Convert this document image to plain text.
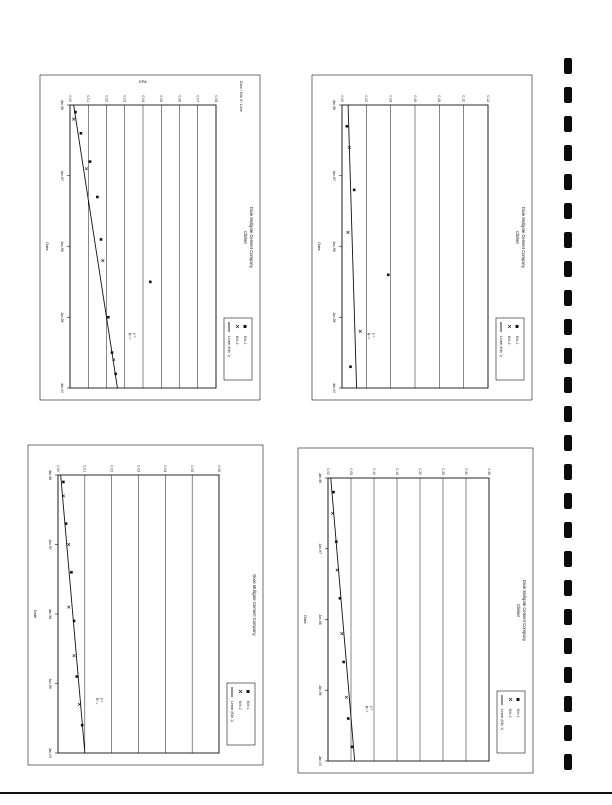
Dixie Mullgate Cement Company
Clinker
Dixie / Kiln 3 / Lime
0.00	0.01	0.02	0.03	0.04	0.05	0.06	0.07	0.08
Jan-96
Jan-97
Jan-98
Jan-99
Jan-00
Date
EPA
Kiln 1
Kiln 2
Linear (Kiln 1)
y =
R² =
Dixie Mullgate Cement Company
Clinker
0.00	0.02	0.04	0.06	0.08	0.10	0.12
Jan-96
Jan-97
Jan-98
Jan-99
Jan-00
Date
Kiln 1
Kiln 2
Linear (Kiln 1)
y =
R² =
Dixie Mullgate Cement Company
0.00	0.01	0.02	0.03	0.04	0.05	0.06
Jan-96
Jan-97
Jan-98
Jan-99
Jan-00
Date
Kiln 1
Kiln 2
Linear (Kiln 1)
y =
R² =
Dixie Mullgate Cement Company
Clinker
0.00	0.05	0.10	0.15	0.20	0.25	0.30	0.35
Jan-96
Jan-97
Jan-98
Jan-99
Jan-00
Date
Kiln 1
Kiln 2
Linear (Kiln 1)
y =
R² =
